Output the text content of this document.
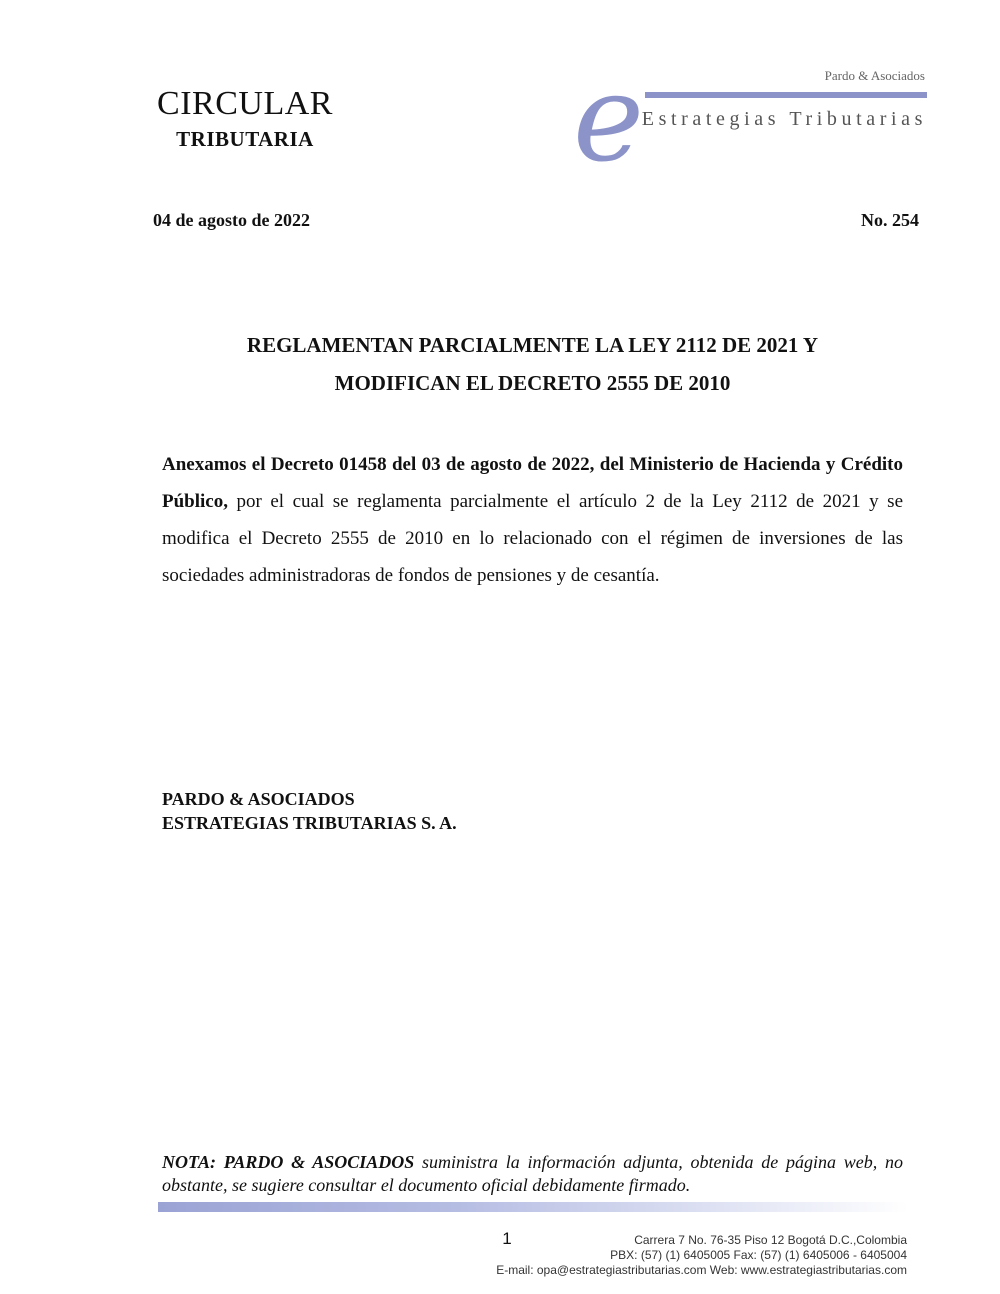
CIRCULAR
TRIBUTARIA
Pardo & Asociados
e
Estrategias Tributarias
04 de agosto de 2022	No. 254
REGLAMENTAN PARCIALMENTE LA LEY 2112 DE 2021 Y
MODIFICAN EL DECRETO 2555 DE 2010
Anexamos el Decreto 01458 del 03 de agosto de 2022, del Ministerio de Hacienda y Crédito Público, por el cual se reglamenta parcialmente el artículo 2 de la Ley 2112 de 2021 y se modifica el Decreto 2555 de 2010 en lo relacionado con el régimen de inversiones de las sociedades administradoras de fondos de pensiones y de cesantía.
PARDO & ASOCIADOS
ESTRATEGIAS TRIBUTARIAS S. A.
NOTA: PARDO & ASOCIADOS suministra la información adjunta, obtenida de página web, no obstante, se sugiere consultar el documento oficial debidamente firmado.
1	Carrera 7 No. 76-35 Piso 12 Bogotá D.C.,Colombia
PBX: (57) (1) 6405005 Fax: (57) (1) 6405006 - 6405004
E-mail: opa@estrategiastributarias.com Web: www.estrategiastributarias.com
